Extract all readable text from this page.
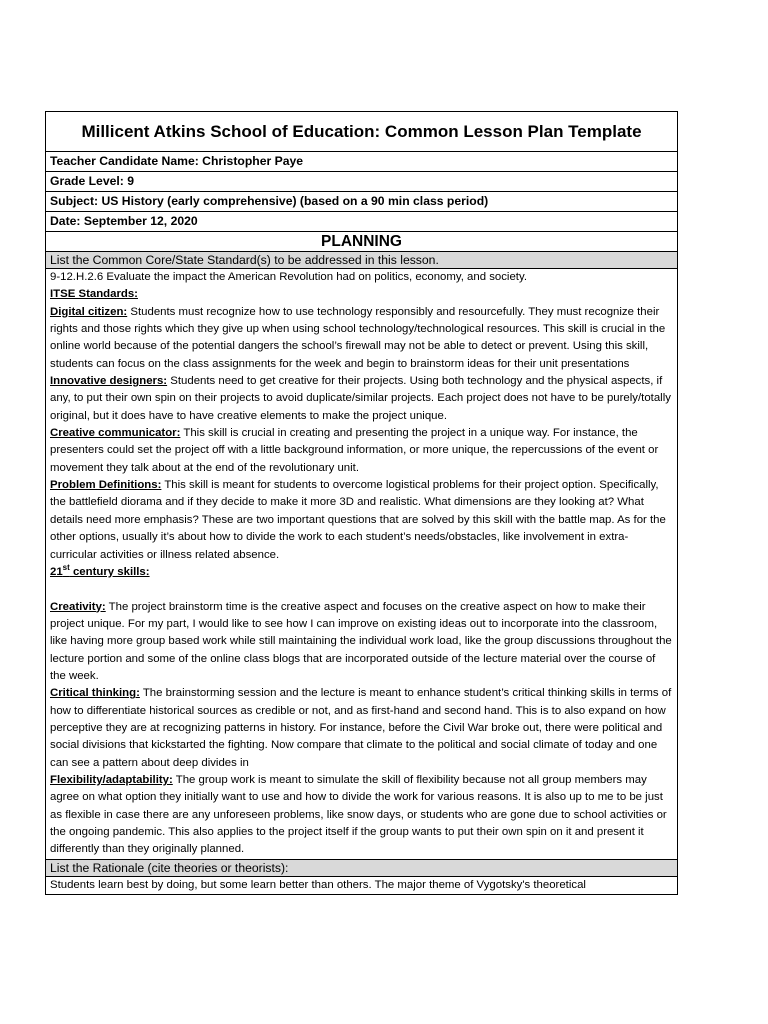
Millicent Atkins School of Education: Common Lesson Plan Template
Teacher Candidate Name: Christopher Paye
Grade Level: 9
Subject: US History (early comprehensive) (based on a 90 min class period)
Date: September 12, 2020
PLANNING
List the Common Core/State Standard(s) to be addressed in this lesson.

9-12.H.2.6 Evaluate the impact the American Revolution had on politics, economy, and society.

ITSE Standards:

Digital citizen: Students must recognize how to use technology responsibly and resourcefully. They must recognize their rights and those rights which they give up when using school technology/technological resources. This skill is crucial in the online world because of the potential dangers the school’s firewall may not be able to detect or prevent. Using this skill, students can focus on the class assignments for the week and begin to brainstorm ideas for their unit presentations

Innovative designers: Students need to get creative for their projects. Using both technology and the physical aspects, if any, to put their own spin on their projects to avoid duplicate/similar projects. Each project does not have to be purely/totally original, but it does have to have creative elements to make the project unique.

Creative communicator: This skill is crucial in creating and presenting the project in a unique way. For instance, the presenters could set the project off with a little background information, or more unique, the repercussions of the event or movement they talk about at the end of the revolutionary unit.

Problem Definitions: This skill is meant for students to overcome logistical problems for their project option. Specifically, the battlefield diorama and if they decide to make it more 3D and realistic. What dimensions are they looking at? What details need more emphasis? These are two important questions that are solved by this skill with the battle map. As for the other options, usually it’s about how to divide the work to each student’s needs/obstacles, like involvement in extra-curricular activities or illness related absence.

21st century skills:

Creativity: The project brainstorm time is the creative aspect and focuses on the creative aspect on how to make their project unique. For my part, I would like to see how I can improve on existing ideas out to incorporate into the classroom, like having more group based work while still maintaining the individual work load, like the group discussions throughout the lecture portion and some of the online class blogs that are incorporated outside of the lecture material over the course of the week.

Critical thinking: The brainstorming session and the lecture is meant to enhance student’s critical thinking skills in terms of how to differentiate historical sources as credible or not, and as first-hand and second hand. This is to also expand on how perceptive they are at recognizing patterns in history. For instance, before the Civil War broke out, there were political and social divisions that kickstarted the fighting. Now compare that climate to the political and social climate of today and one can see a pattern about deep divides in

Flexibility/adaptability: The group work is meant to simulate the skill of flexibility because not all group members may agree on what option they initially want to use and how to divide the work for various reasons. It is also up to me to be just as flexible in case there are any unforeseen problems, like snow days, or students who are gone due to school activities or the ongoing pandemic. This also applies to the project itself if the group wants to put their own spin on it and present it differently than they originally planned.

List the Rationale (cite theories or theorists):
Students learn best by doing, but some learn better than others. The major theme of Vygotsky's theoretical
